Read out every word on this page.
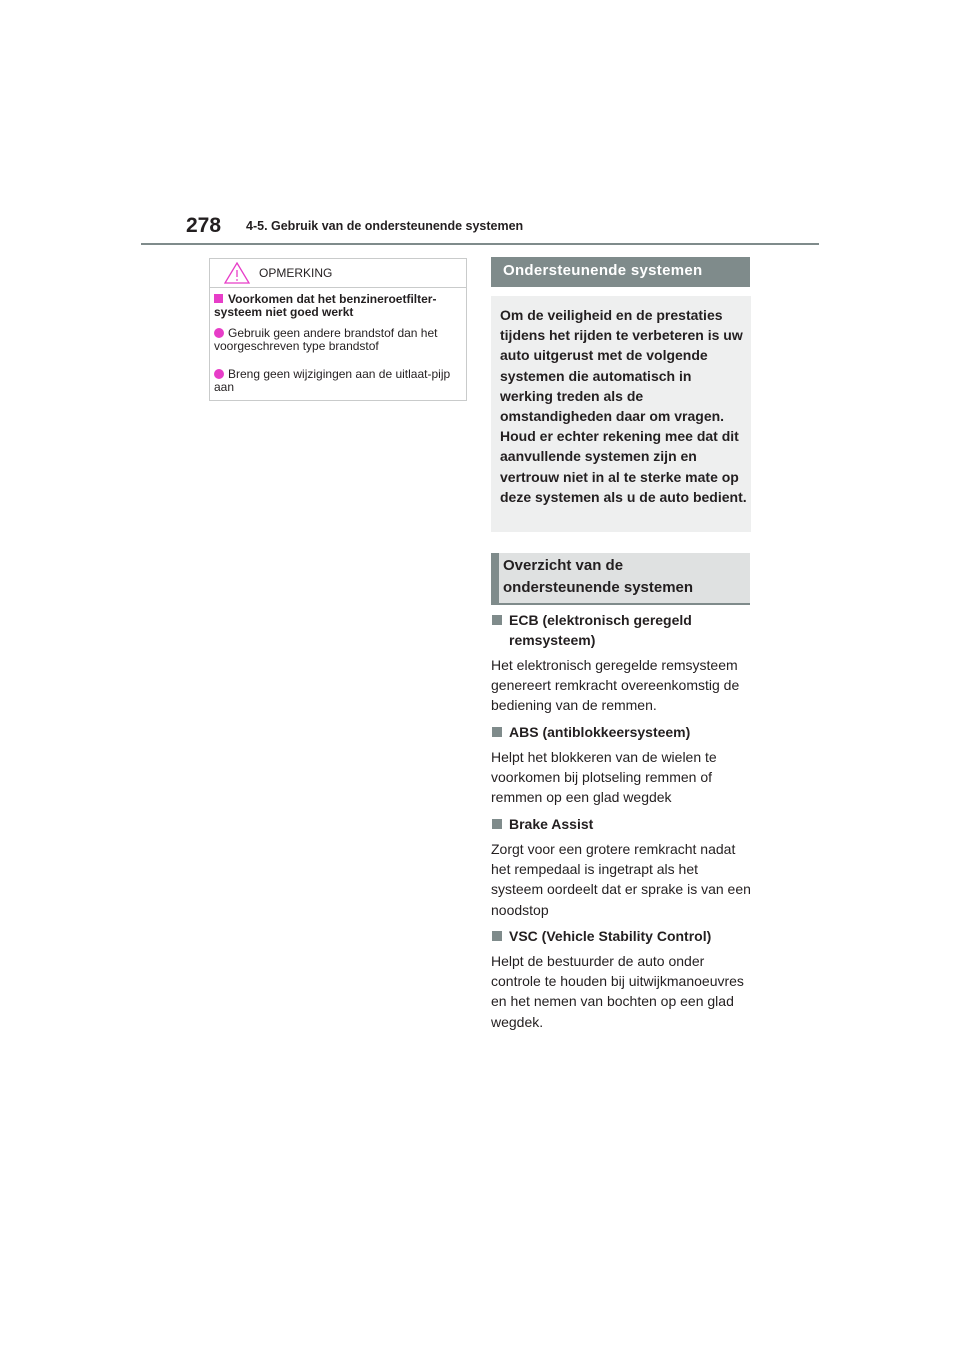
278 4-5. Gebruik van de ondersteunende systemen
OPMERKING
Voorkomen dat het benzineroetfilter-systeem niet goed werkt
Gebruik geen andere brandstof dan het voorgeschreven type brandstof
Breng geen wijzigingen aan de uitlaat-pijp aan
Ondersteunende systemen
Om de veiligheid en de prestaties tijdens het rijden te verbeteren is uw auto uitgerust met de volgende systemen die automatisch in werking treden als de omstandigheden daar om vragen. Houd er echter rekening mee dat dit aanvullende systemen zijn en vertrouw niet in al te sterke mate op deze systemen als u de auto bedient.
Overzicht van de ondersteunende systemen
ECB (elektronisch geregeld remsysteem)
Het elektronisch geregelde remsysteem genereert remkracht overeenkomstig de bediening van de remmen.
ABS (antiblokkeersysteem)
Helpt het blokkeren van de wielen te voorkomen bij plotseling remmen of remmen op een glad wegdek
Brake Assist
Zorgt voor een grotere remkracht nadat het rempedaal is ingetrapt als het systeem oordeelt dat er sprake is van een noodstop
VSC (Vehicle Stability Control)
Helpt de bestuurder de auto onder controle te houden bij uitwijkmanoeuvres en het nemen van bochten op een glad wegdek.
